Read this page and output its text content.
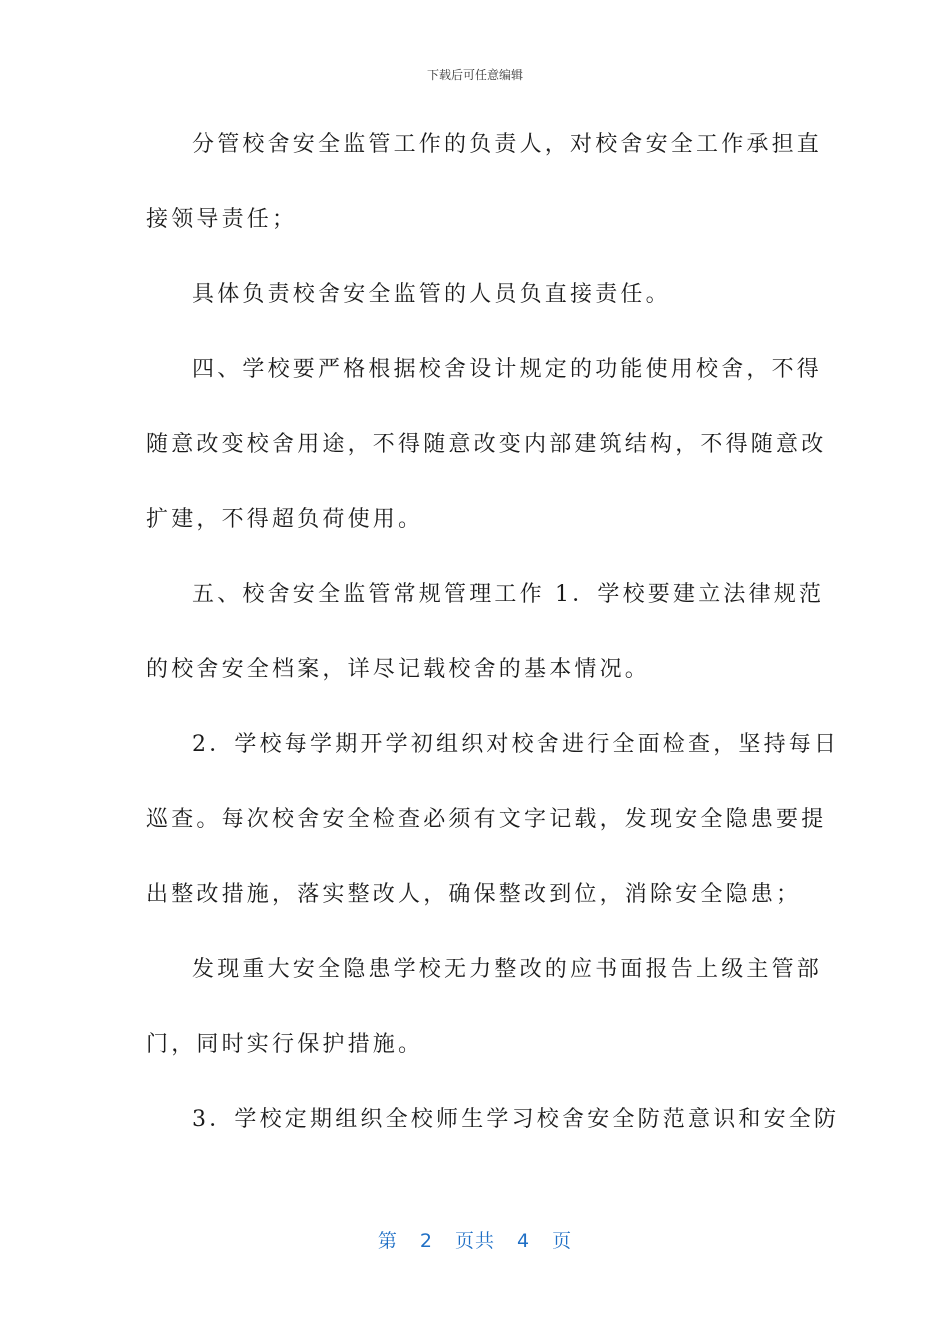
下载后可任意编辑
分管校舍安全监管工作的负责人，对校舍安全工作承担直
接领导责任；
具体负责校舍安全监管的人员负直接责任。
四、学校要严格根据校舍设计规定的功能使用校舍，不得
随意改变校舍用途，不得随意改变内部建筑结构，不得随意改
扩建，不得超负荷使用。
五、校舍安全监管常规管理工作 1．学校要建立法律规范
的校舍安全档案，详尽记载校舍的基本情况。
2．学校每学期开学初组织对校舍进行全面检查，坚持每日
巡查。每次校舍安全检查必须有文字记载，发现安全隐患要提
出整改措施，落实整改人，确保整改到位，消除安全隐患；
发现重大安全隐患学校无力整改的应书面报告上级主管部
门，同时实行保护措施。
3．学校定期组织全校师生学习校舍安全防范意识和安全防
第 2 页共 4 页
